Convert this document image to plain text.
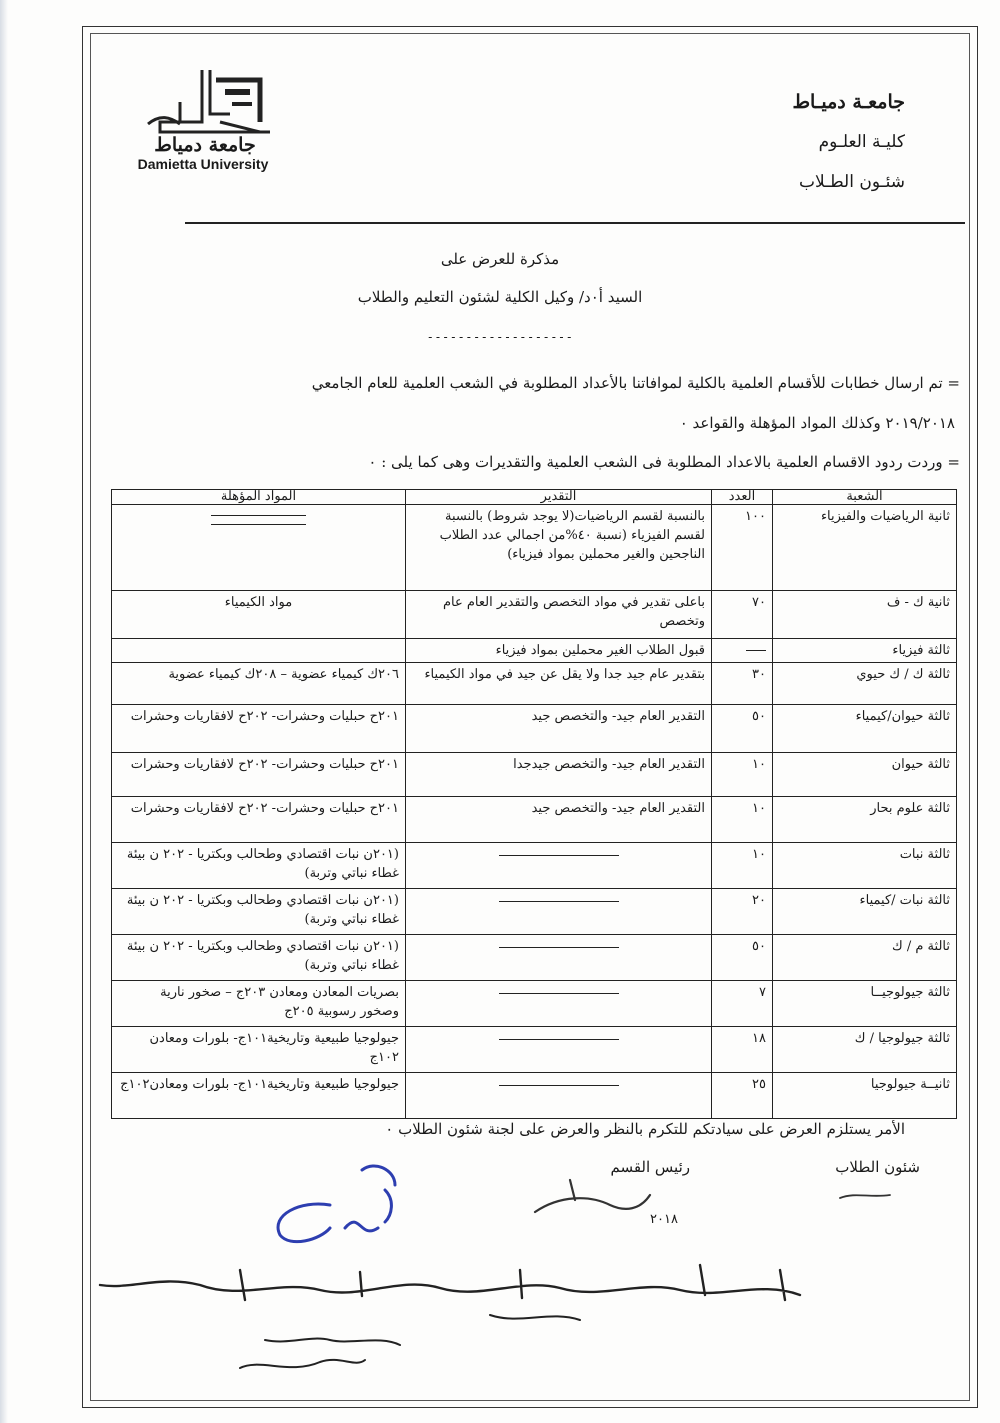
جامعة دمياط
Damietta University
جامعـة دميـاط
كليـة العلـوم
شئـون الطـلاب
مذكرة للعرض على
السيد أ٠د/ وكيل الكلية لشئون التعليم والطلاب
-------------------
= تم ارسال خطابات للأقسام العلمية بالكلية لموافاتنا بالأعداد المطلوبة في الشعب العلمية للعام الجامعي
٢٠١٩/٢٠١٨ وكذلك المواد المؤهلة والقواعد ٠
= وردت ردود الاقسام العلمية بالاعداد المطلوبة فى الشعب العلمية والتقديرات وهى كما يلى : ٠
الشعبة	العدد	التقدير	المواد المؤهلة
ثانية الرياضيات والفيزياء	١٠٠	بالنسبة لقسم الرياضيات(لا يوجد شروط) بالنسبة لقسم الفيزياء (نسبة ٤٠%من اجمالي عدد الطلاب الناجحين والغير محملين بمواد فيزياء)	

ثانية ك - ف	٧٠	باعلى تقدير في مواد التخصص والتقدير العام عام وتخصص	مواد الكيمياء
ثالثة فيزياء		قبول الطلاب الغير محملين بمواد فيزياء	
ثالثة ك / ك حيوي	٣٠	بتقدير عام جيد جدا ولا يقل عن جيد في مواد الكيمياء	٢٠٦ك كيمياء عضوية – ٢٠٨ك كيمياء عضوية
ثالثة حيوان/كيمياء	٥٠	التقدير العام جيد- والتخصص جيد	٢٠١ح حبليات وحشرات- ٢٠٢ح لافقاريات وحشرات
ثالثة حيوان	١٠	التقدير العام جيد- والتخصص جيدجدا	٢٠١ح حبليات وحشرات- ٢٠٢ح لافقاريات وحشرات
ثالثة علوم بحار	١٠	التقدير العام جيد- والتخصص جيد	٢٠١ح حبليات وحشرات- ٢٠٢ح لافقاريات وحشرات
ثالثة نبات	١٠		(٢٠١ن نبات اقتصادي وطحالب وبكتريا - ٢٠٢ ن بيئة غطاء نباتي وتربة)
ثالثة نبات /كيمياء	٢٠		(٢٠١ن نبات اقتصادي وطحالب وبكتريا - ٢٠٢ ن بيئة غطاء نباتي وتربة)
ثالثة م / ك	٥٠		(٢٠١ن نبات اقتصادي وطحالب وبكتريا - ٢٠٢ ن بيئة غطاء نباتي وتربة)
ثالثة جيولوجيــا	٧		بصريات المعادن ومعادن ٢٠٣ج – صخور نارية وصخور رسوبية ٢٠٥ج
ثالثة جيولوجيا / ك	١٨		جيولوجيا طبيعية وتاريخية١٠١ج- بلورات ومعادن ١٠٢ج
ثانيــة جيولوجيا	٢٥		جيولوجيا طبيعية وتاريخية١٠١ج- بلورات ومعادن١٠٢ج
الأمر يستلزم العرض على سيادتكم للتكرم بالنظر والعرض على لجنة شئون الطلاب ٠
شئون الطلاب
رئيس القسم
٢٠١٨
